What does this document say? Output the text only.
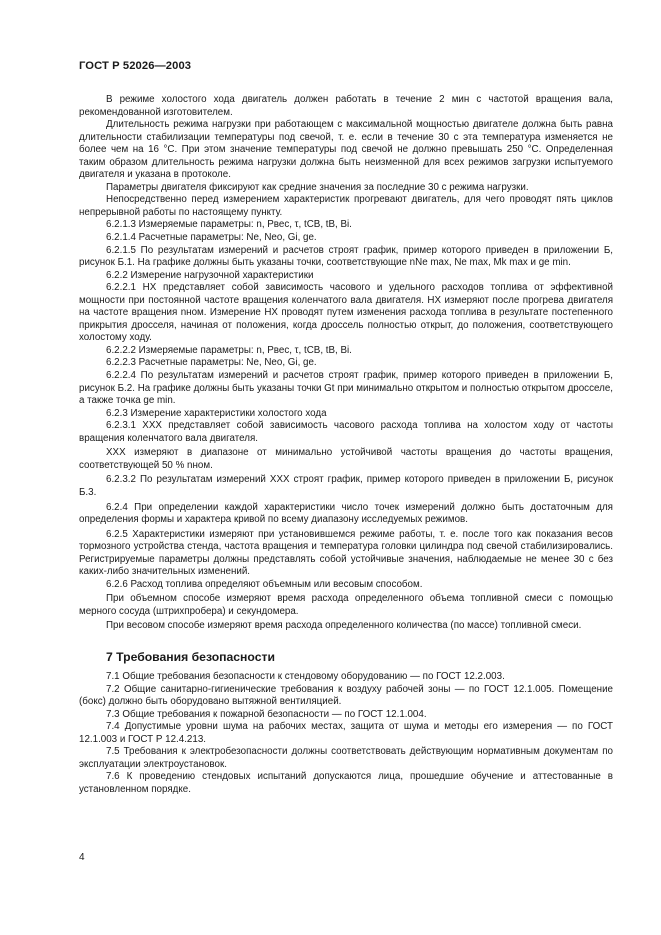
ГОСТ Р 52026—2003

В режиме холостого хода двигатель должен работать в течение 2 мин с частотой вращения вала, рекомендованной изготовителем.

Длительность режима нагрузки при работающем с максимальной мощностью двигателе должна быть равна длительности стабилизации температуры под свечой, т. е. если в течение 30 с эта температура изменяется не более чем на 16 °С. При этом значение температуры под свечой не должно превышать 250 °С. Определенная таким образом длительность режима нагрузки должна быть неизменной для всех режимов загрузки испытуемого двигателя и указана в протоколе.

Параметры двигателя фиксируют как средние значения за последние 30 с режима нагрузки.

Непосредственно перед измерением характеристик прогревают двигатель, для чего проводят пять циклов непрерывной работы по настоящему пункту.

6.2.1.3 Измеряемые параметры: n, Pвес, τ, tCB, tB, Bi.

6.2.1.4 Расчетные параметры: Ne, Neo, Gi, ge.

6.2.1.5 По результатам измерений и расчетов строят график, пример которого приведен в приложении Б, рисунок Б.1. На графике должны быть указаны точки, соответствующие nNe max, Ne max, Mk max и ge min.

6.2.2 Измерение нагрузочной характеристики

6.2.2.1 НХ представляет собой зависимость часового и удельного расходов топлива от эффективной мощности при постоянной частоте вращения коленчатого вала двигателя. НХ измеряют после прогрева двигателя на частоте вращения nном. Измерение НХ проводят путем изменения расхода топлива в результате постепенного прикрытия дросселя, начиная от положения, когда дроссель полностью открыт, до положения, соответствующего холостому ходу.

6.2.2.2 Измеряемые параметры: n, Pвес, τ, tCB, tB, Bi.

6.2.2.3 Расчетные параметры: Ne, Neo, Gi, ge.

6.2.2.4 По результатам измерений и расчетов строят график, пример которого приведен в приложении Б, рисунок Б.2. На графике должны быть указаны точки Gt при минимально открытом и полностью открытом дросселе, а также точка ge min.

6.2.3 Измерение характеристики холостого хода

6.2.3.1 ХХХ представляет собой зависимость часового расхода топлива на холостом ходу от частоты вращения коленчатого вала двигателя.

ХХХ измеряют в диапазоне от минимально устойчивой частоты вращения до частоты вращения, соответствующей 50 % nном.

6.2.3.2 По результатам измерений ХХХ строят график, пример которого приведен в приложении Б, рисунок Б.3.

6.2.4 При определении каждой характеристики число точек измерений должно быть достаточным для определения формы и характера кривой по всему диапазону исследуемых режимов.

6.2.5 Характеристики измеряют при установившемся режиме работы, т. е. после того как показания весов тормозного устройства стенда, частота вращения и температура головки цилиндра под свечой стабилизировались. Регистрируемые параметры должны представлять собой устойчивые значения, наблюдаемые не менее 30 с без каких-либо значительных изменений.

6.2.6 Расход топлива определяют объемным или весовым способом.

При объемном способе измеряют время расхода определенного объема топливной смеси с помощью мерного сосуда (штрихпробера) и секундомера.

При весовом способе измеряют время расхода определенного количества (по массе) топливной смеси.

7 Требования безопасности

7.1 Общие требования безопасности к стендовому оборудованию — по ГОСТ 12.2.003.

7.2 Общие санитарно-гигиенические требования к воздуху рабочей зоны — по ГОСТ 12.1.005. Помещение (бокс) должно быть оборудовано вытяжной вентиляцией.

7.3 Общие требования к пожарной безопасности — по ГОСТ 12.1.004.

7.4 Допустимые уровни шума на рабочих местах, защита от шума и методы его измерения — по ГОСТ 12.1.003 и ГОСТ Р 12.4.213.

7.5 Требования к электробезопасности должны соответствовать действующим нормативным документам по эксплуатации электроустановок.

7.6 К проведению стендовых испытаний допускаются лица, прошедшие обучение и аттестованные в установленном порядке.

4
